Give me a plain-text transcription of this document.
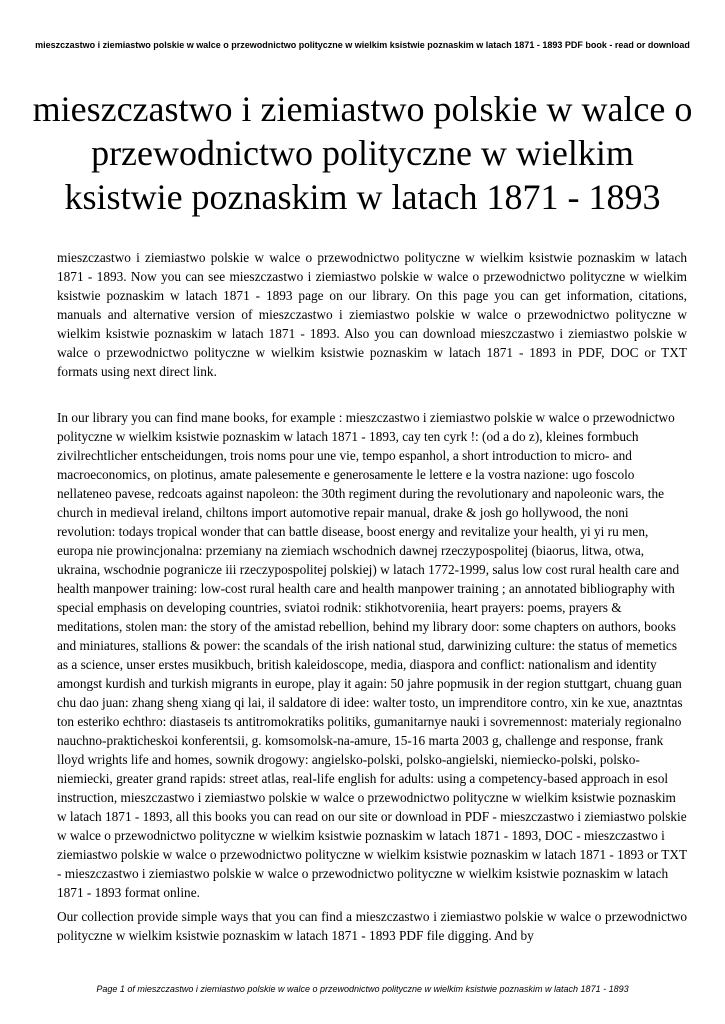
mieszczastwo i ziemiastwo polskie w walce o przewodnictwo polityczne w wielkim ksistwie poznaskim w latach 1871 - 1893 PDF book - read or download
mieszczastwo i ziemiastwo polskie w walce o przewodnictwo polityczne w wielkim ksistwie poznaskim w latach 1871 - 1893

mieszczastwo i ziemiastwo polskie w walce o przewodnictwo polityczne w wielkim ksistwie poznaskim w latach 1871 - 1893. Now you can see mieszczastwo i ziemiastwo polskie w walce o przewodnictwo polityczne w wielkim ksistwie poznaskim w latach 1871 - 1893 page on our library. On this page you can get information, citations, manuals and alternative version of mieszczastwo i ziemiastwo polskie w walce o przewodnictwo polityczne w wielkim ksistwie poznaskim w latach 1871 - 1893. Also you can download mieszczastwo i ziemiastwo polskie w walce o przewodnictwo polityczne w wielkim ksistwie poznaskim w latach 1871 - 1893 in PDF, DOC or TXT formats using next direct link.

In our library you can find mane books, for example : mieszczastwo i ziemiastwo polskie w walce o przewodnictwo polityczne w wielkim ksistwie poznaskim w latach 1871 - 1893, cay ten cyrk !: (od a do z), kleines formbuch zivilrechtlicher entscheidungen, trois noms pour une vie, tempo espanhol, a short introduction to micro- and macroeconomics, on plotinus, amate palesemente e generosamente le lettere e la vostra nazione: ugo foscolo nellateneo pavese, redcoats against napoleon: the 30th regiment during the revolutionary and napoleonic wars, the church in medieval ireland, chiltons import automotive repair manual, drake & josh go hollywood, the noni revolution: todays tropical wonder that can battle disease, boost energy and revitalize your health, yi yi ru men, europa nie prowincjonalna: przemiany na ziemiach wschodnich dawnej rzeczypospolitej (biaorus, litwa, otwa, ukraina, wschodnie pogranicze iii rzeczypospolitej polskiej) w latach 1772-1999, salus low cost rural health care and health manpower training: low-cost rural health care and health manpower training ; an annotated bibliography with special emphasis on developing countries, sviatoi rodnik: stikhotvoreniia, heart prayers: poems, prayers & meditations, stolen man: the story of the amistad rebellion, behind my library door: some chapters on authors, books and miniatures, stallions & power: the scandals of the irish national stud, darwinizing culture: the status of memetics as a science, unser erstes musikbuch, british kaleidoscope, media, diaspora and conflict: nationalism and identity amongst kurdish and turkish migrants in europe, play it again: 50 jahre popmusik in der region stuttgart, chuang guan chu dao juan: zhang sheng xiang qi lai, il saldatore di idee: walter tosto, un imprenditore contro, xin ke xue, anaztntas ton esteriko echthro: diastaseis ts antitromokratiks politiks, gumanitarnye nauki i sovremennost: materialy regionalno nauchno-prakticheskoi konferentsii, g. komsomolsk-na-amure, 15-16 marta 2003 g, challenge and response, frank lloyd wrights life and homes, sownik drogowy: angielsko-polski, polsko-angielski, niemiecko-polski, polsko-niemiecki, greater grand rapids: street atlas, real-life english for adults: using a competency-based approach in esol instruction, mieszczastwo i ziemiastwo polskie w walce o przewodnictwo polityczne w wielkim ksistwie poznaskim w latach 1871 - 1893, all this books you can read on our site or download in PDF - mieszczastwo i ziemiastwo polskie w walce o przewodnictwo polityczne w wielkim ksistwie poznaskim w latach 1871 - 1893, DOC - mieszczastwo i ziemiastwo polskie w walce o przewodnictwo polityczne w wielkim ksistwie poznaskim w latach 1871 - 1893 or TXT - mieszczastwo i ziemiastwo polskie w walce o przewodnictwo polityczne w wielkim ksistwie poznaskim w latach 1871 - 1893 format online.

Our collection provide simple ways that you can find a mieszczastwo i ziemiastwo polskie w walce o przewodnictwo polityczne w wielkim ksistwie poznaskim w latach 1871 - 1893 PDF file digging. And by

Page 1 of mieszczastwo i ziemiastwo polskie w walce o przewodnictwo polityczne w wielkim ksistwie poznaskim w latach 1871 - 1893
